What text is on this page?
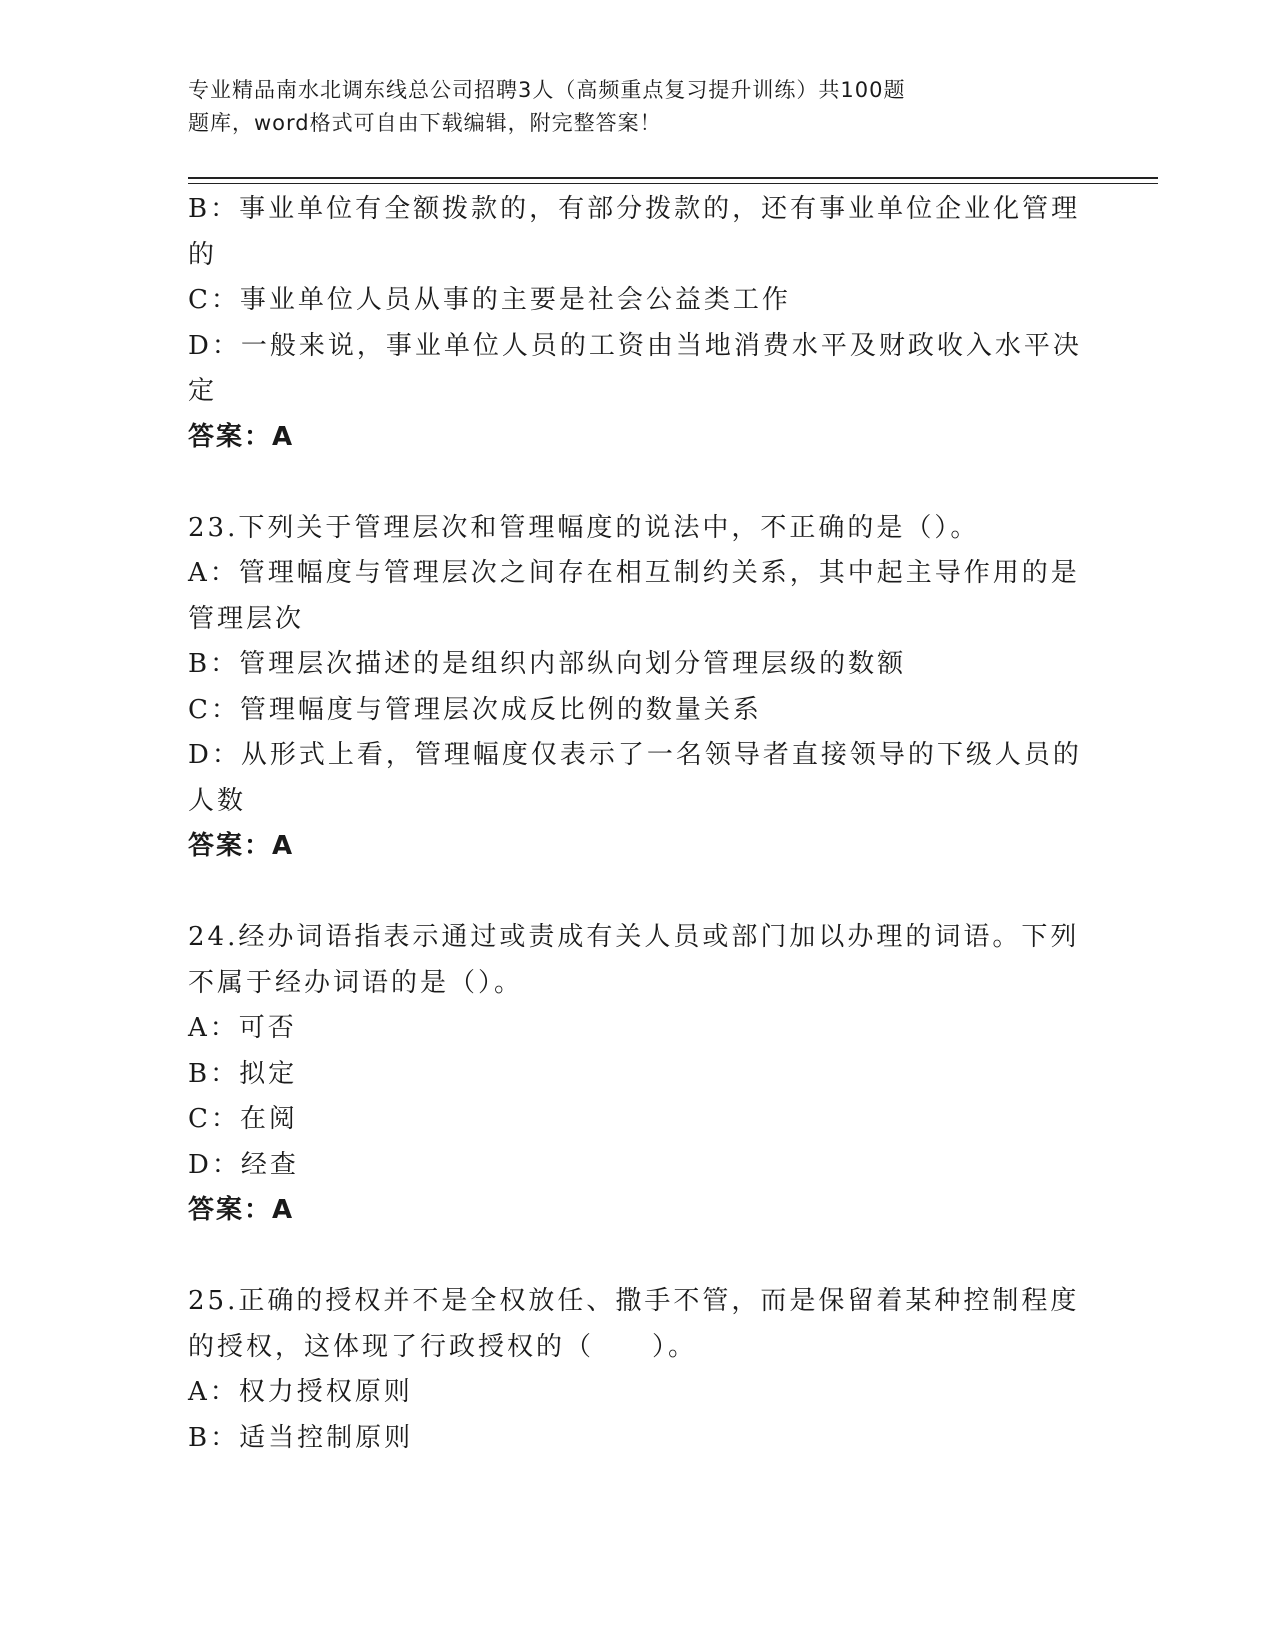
专业精品南水北调东线总公司招聘3人（高频重点复习提升训练）共100题
题库，word格式可自由下载编辑，附完整答案！
B：事业单位有全额拨款的，有部分拨款的，还有事业单位企业化管理
的
C：事业单位人员从事的主要是社会公益类工作
D：一般来说，事业单位人员的工资由当地消费水平及财政收入水平决
定
答案：A
23.下列关于管理层次和管理幅度的说法中，不正确的是（）。
A：管理幅度与管理层次之间存在相互制约关系，其中起主导作用的是
管理层次
B：管理层次描述的是组织内部纵向划分管理层级的数额
C：管理幅度与管理层次成反比例的数量关系
D：从形式上看，管理幅度仅表示了一名领导者直接领导的下级人员的
人数
答案：A
24.经办词语指表示通过或责成有关人员或部门加以办理的词语。下列
不属于经办词语的是（）。
A：可否
B：拟定
C：在阅
D：经查
答案：A
25.正确的授权并不是全权放任、撒手不管，而是保留着某种控制程度
的授权，这体现了行政授权的（　　）。
A：权力授权原则
B：适当控制原则
